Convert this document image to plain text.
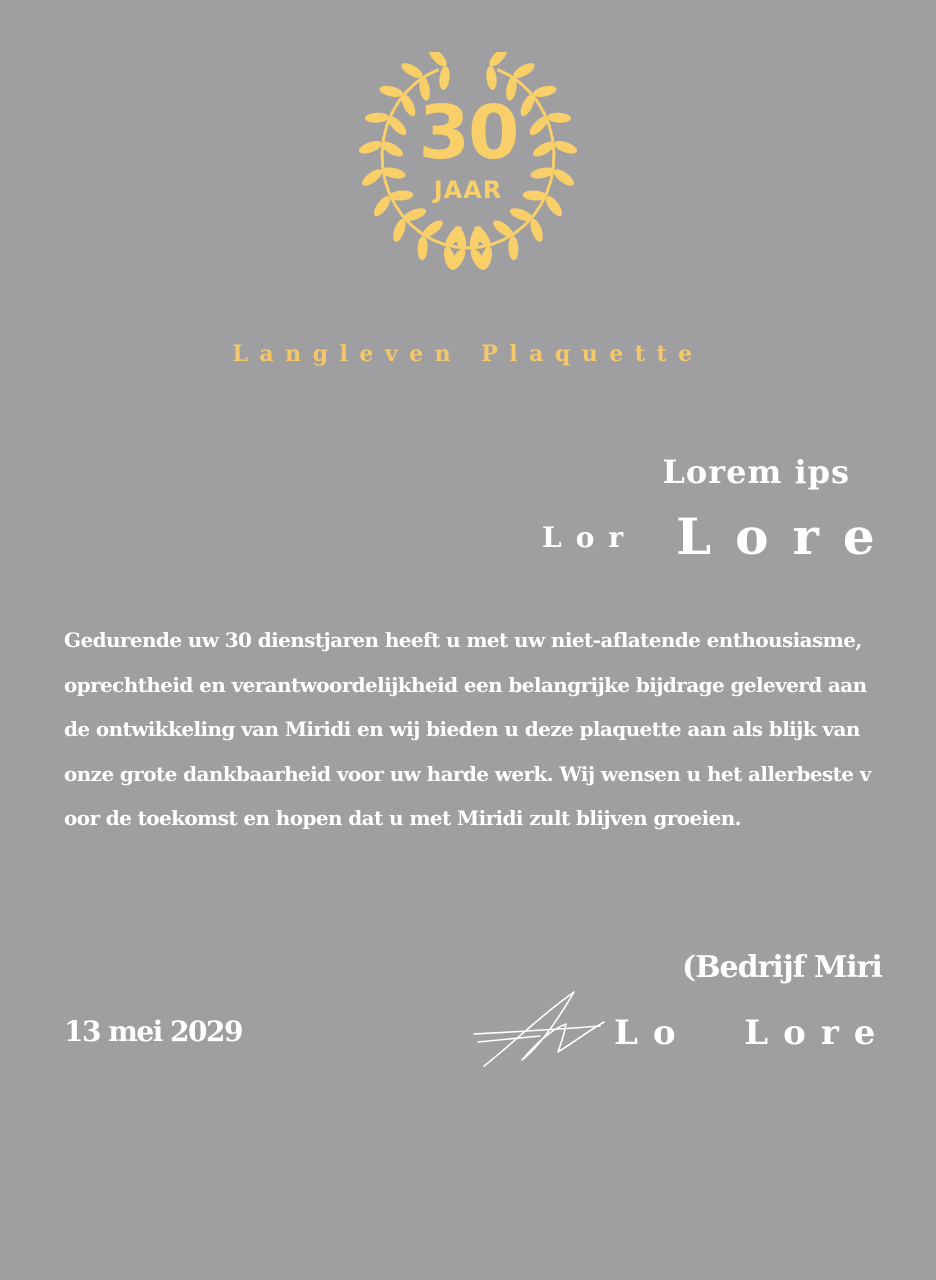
30
JAAR
Langleven Plaquette
Lorem ips
Lor Lore

Gedurende uw 30 dienstjaren heeft u met uw niet-aflatende enthousiasme, oprechtheid en verantwoordelijkheid een belangrijke bijdrage geleverd aan de ontwikkeling van Miridi en wij bieden u deze plaquette aan als blijk van onze grote dankbaarheid voor uw harde werk. Wij wensen u het allerbeste voor de toekomst en hopen dat u met Miridi zult blijven groeien.

13 mei 2029
(Bedrijf Miri
Lo  Lore
